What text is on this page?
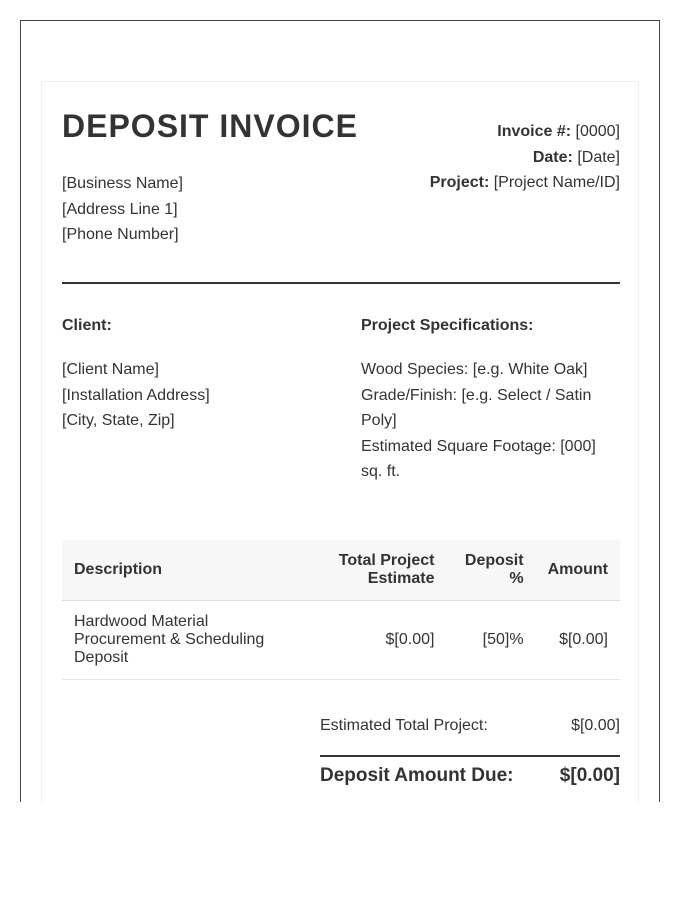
DEPOSIT INVOICE
[Business Name]
[Address Line 1]
[Phone Number]
Invoice #: [0000]
Date: [Date]
Project: [Project Name/ID]
Client:
[Client Name]
[Installation Address]
[City, State, Zip]
Project Specifications:
Wood Species: [e.g. White Oak]
Grade/Finish: [e.g. Select / Satin Poly]
Estimated Square Footage: [000] sq. ft.
Description	Total Project Estimate	Deposit %	Amount
Hardwood Material Procurement & Scheduling Deposit	$[0.00]	[50]%	$[0.00]
Estimated Total Project:	$[0.00]
Deposit Amount Due: $[0.00]
